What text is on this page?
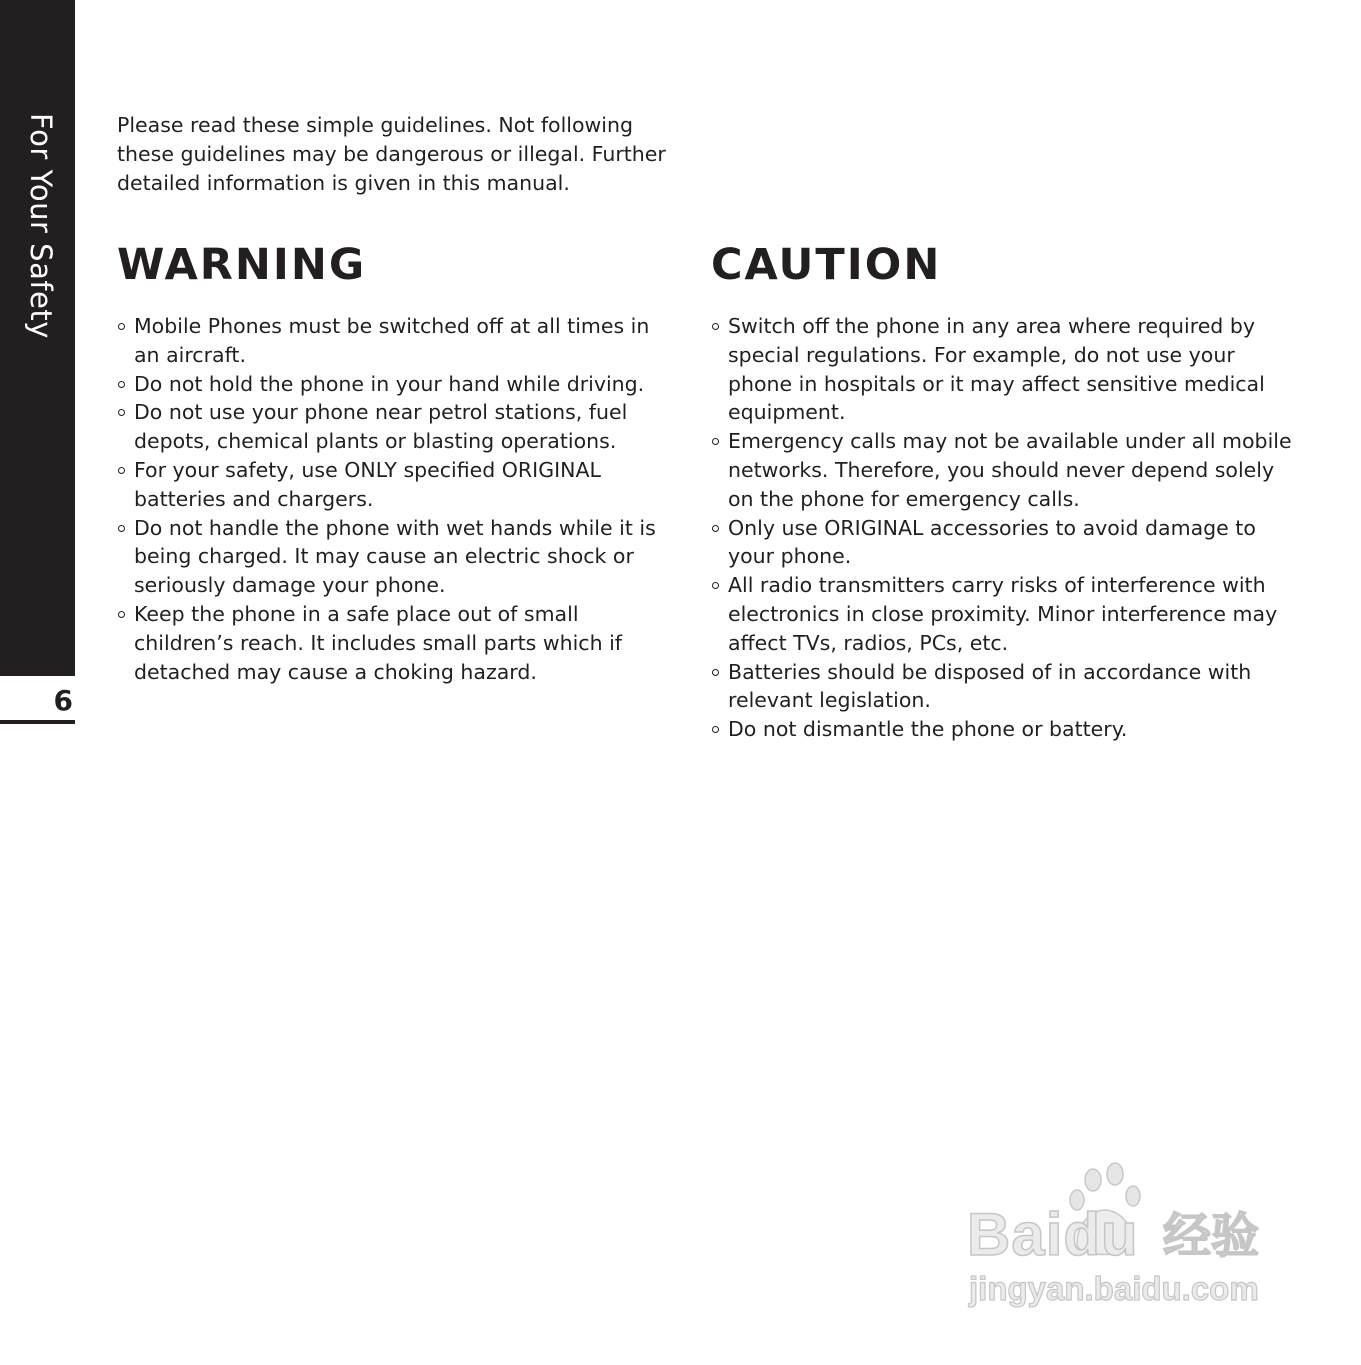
For Your Safety
6

Please read these simple guidelines. Not following these guidelines may be dangerous or illegal. Further detailed information is given in this manual.

WARNING
Mobile Phones must be switched off at all times in an aircraft.
Do not hold the phone in your hand while driving.
Do not use your phone near petrol stations, fuel depots, chemical plants or blasting operations.
For your safety, use ONLY specified ORIGINAL batteries and chargers.
Do not handle the phone with wet hands while it is being charged. It may cause an electric shock or seriously damage your phone.
Keep the phone in a safe place out of small children’s reach. It includes small parts which if detached may cause a choking hazard.
CAUTION
Switch off the phone in any area where required by special regulations. For example, do not use your phone in hospitals or it may affect sensitive medical equipment.
Emergency calls may not be available under all mobile networks. Therefore, you should never depend solely on the phone for emergency calls.
Only use ORIGINAL accessories to avoid damage to your phone.
All radio transmitters carry risks of interference with electronics in close proximity. Minor interference may affect TVs, radios, PCs, etc.
Batteries should be disposed of in accordance with relevant legislation.
Do not dismantle the phone or battery.
Baidu 经验
jingyan.baidu.com
